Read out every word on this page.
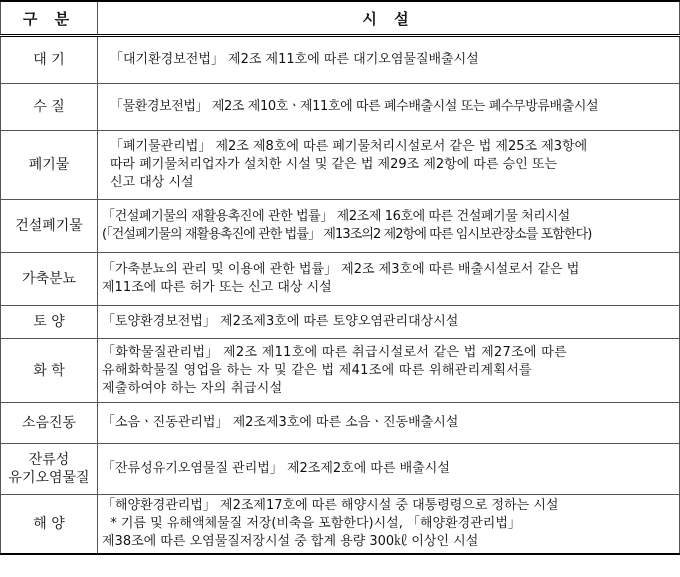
구 분	시 설
대 기	「대기환경보전법」 제2조 제11호에 따른 대기오염물질배출시설

수 질	「물환경보전법」 제2조 제10호ㆍ제11호에 따른 폐수배출시설 또는 폐수무방류배출시설

폐기물	「폐기물관리법」 제2조 제8호에 따른 폐기물처리시설로서 같은 법 제25조 제3항에
따라 폐기물처리업자가 설치한 시설 및 같은 법 제29조 제2항에 따른 승인 또는
신고 대상 시설

건설폐기물	「건설폐기물의 재활용촉진에 관한 법률」 제2조제 16호에 따른 건설폐기물 처리시설
(「건설폐기물의 재활용촉진에 관한 법률」 제13조의2 제2항에 따른 임시보관장소를 포함한다)

가축분뇨	「가축분뇨의 관리 및 이용에 관한 법률」 제2조 제3호에 따른 배출시설로서 같은 법
제11조에 따른 허가 또는 신고 대상 시설

토 양	「토양환경보전법」 제2조제3호에 따른 토양오염관리대상시설

화 학	「화학물질관리법」 제2조 제11호에 따른 취급시설로서 같은 법 제27조에 따른
유해화학물질 영업을 하는 자 및 같은 법 제41조에 따른 위해관리계획서를
제출하여야 하는 자의 취급시설

소음진동	「소음ㆍ진동관리법」 제2조제3호에 따른 소음ㆍ진동배출시설

잔류성
유기오염물질	「잔류성유기오염물질 관리법」 제2조제2호에 따른 배출시설

해 양	「해양환경관리법」 제2조제17호에 따른 해양시설 중 대통령령으로 정하는 시설
* 기름 및 유해액체물질 저장(비축을 포함한다)시설, 「해양환경관리법」
제38조에 따른 오염물질저장시설 중 합계 용량 300㎘ 이상인 시설
